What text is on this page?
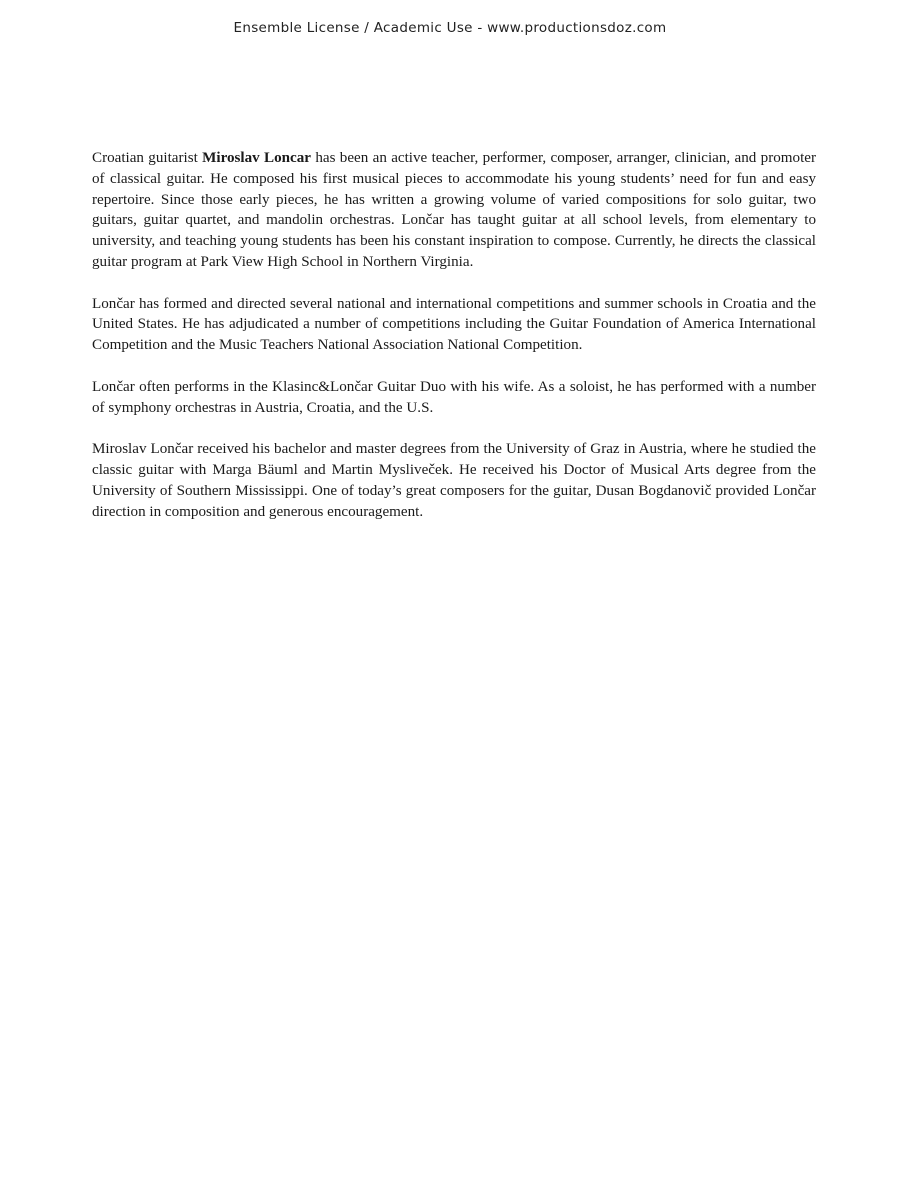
Ensemble License / Academic Use - www.productionsdoz.com

Croatian guitarist Miroslav Loncar has been an active teacher, performer, composer, arranger, clinician, and promoter of classical guitar. He composed his first musical pieces to accommodate his young students’ need for fun and easy repertoire. Since those early pieces, he has written a growing volume of varied compositions for solo guitar, two guitars, guitar quartet, and mandolin orchestras. Lončar has taught guitar at all school levels, from elementary to university, and teaching young students has been his constant inspiration to compose. Currently, he directs the classical guitar program at Park View High School in Northern Virginia.

Lončar has formed and directed several national and international competitions and summer schools in Croatia and the United States. He has adjudicated a number of competitions including the Guitar Foundation of America International Competition and the Music Teachers National Association National Competition.

Lončar often performs in the Klasinc&Lončar Guitar Duo with his wife. As a soloist, he has performed with a number of symphony orchestras in Austria, Croatia, and the U.S.

Miroslav Lončar received his bachelor and master degrees from the University of Graz in Austria, where he studied the classic guitar with Marga Bäuml and Martin Mysliveček. He received his Doctor of Musical Arts degree from the University of Southern Mississippi. One of today’s great composers for the guitar, Dusan Bogdanovič provided Lončar direction in composition and generous encouragement.
